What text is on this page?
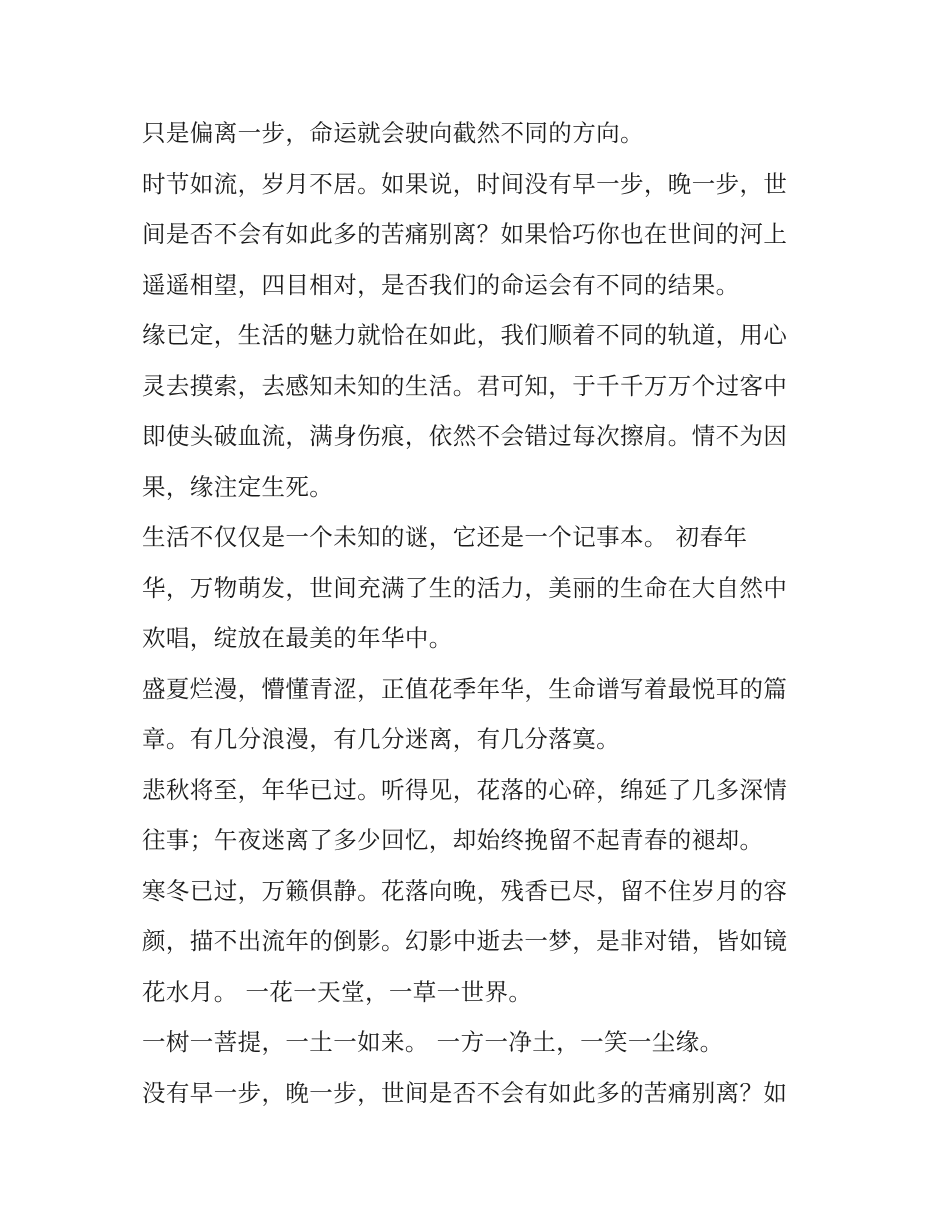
只是偏离一步，命运就会驶向截然不同的方向。
时节如流，岁月不居。如果说，时间没有早一步，晚一步，世
间是否不会有如此多的苦痛别离？如果恰巧你也在世间的河上
遥遥相望，四目相对，是否我们的命运会有不同的结果。
缘已定，生活的魅力就恰在如此，我们顺着不同的轨道，用心
灵去摸索，去感知未知的生活。君可知，于千千万万个过客中
即使头破血流，满身伤痕，依然不会错过每次擦肩。情不为因
果，缘注定生死。
生活不仅仅是一个未知的谜，它还是一个记事本。 初春年
华，万物萌发，世间充满了生的活力，美丽的生命在大自然中
欢唱，绽放在最美的年华中。
盛夏烂漫，懵懂青涩，正值花季年华，生命谱写着最悦耳的篇
章。有几分浪漫，有几分迷离，有几分落寞。
悲秋将至，年华已过。听得见，花落的心碎，绵延了几多深情
往事；午夜迷离了多少回忆，却始终挽留不起青春的褪却。
寒冬已过，万籁俱静。花落向晚，残香已尽，留不住岁月的容
颜，描不出流年的倒影。幻影中逝去一梦，是非对错，皆如镜
花水月。 一花一天堂，一草一世界。
一树一菩提，一土一如来。 一方一净土，一笑一尘缘。
没有早一步，晚一步，世间是否不会有如此多的苦痛别离？如
